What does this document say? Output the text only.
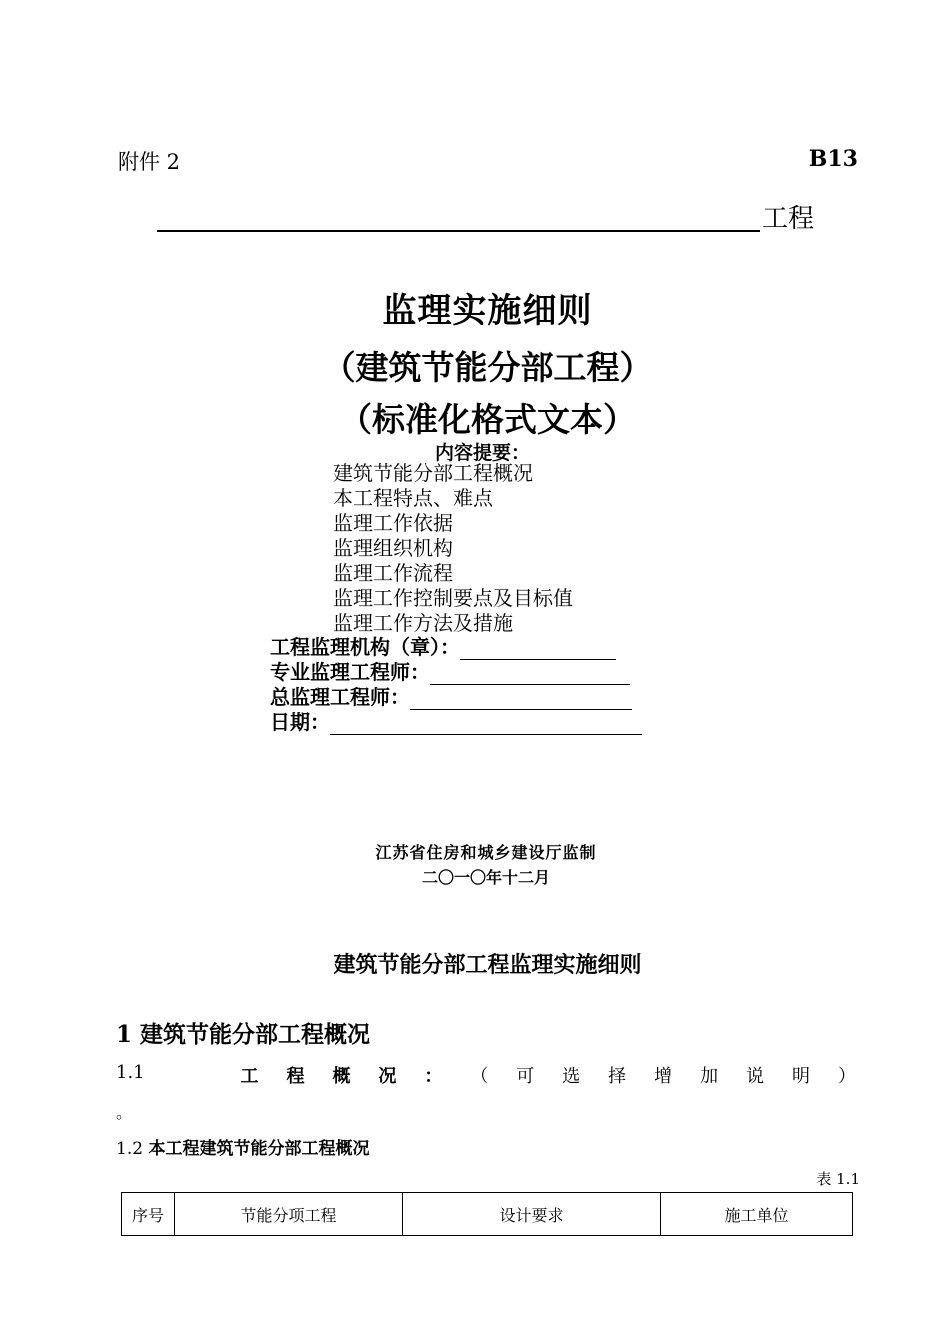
附件 2	B13
工程
监理实施细则
（建筑节能分部工程）
（标准化格式文本）
内容提要：
建筑节能分部工程概况
本工程特点、难点
监理工作依据
监理组织机构
监理工作流程
监理工作控制要点及目标值
监理工作方法及措施
工程监理机构（章）：
专业监理工程师：
总监理工程师：
日期：
江苏省住房和城乡建设厅监制
二〇一〇年十二月
建筑节能分部工程监理实施细则
1 建筑节能分部工程概况
1.1	工 程 概 况 ： （ 可 选 择 增 加 说 明 ）
。
1.2 本工程建筑节能分部工程概况
表 1.1
序号	节能分项工程	设计要求	施工单位
